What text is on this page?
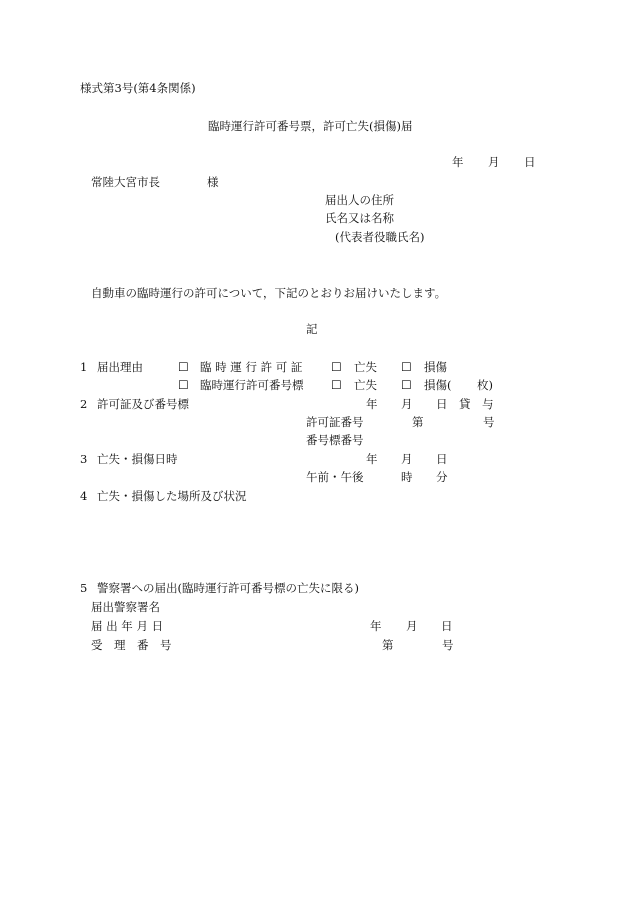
様式第3号(第4条関係)
臨時運行許可番号票，許可亡失(損傷)届
年 月 日
常陸大宮市長	様
届出人の住所
氏名又は名称
(代表者役職氏名)
自動車の臨時運行の許可について，下記のとおりお届けいたします。
記
1 届出理由	☐ 臨 時 運 行 許 可 証 ☐ 亡失 ☐ 損傷
☐ 臨時運行許可番号標 ☐ 亡失 ☐ 損傷( 枚)
2 許可証及び番号標	年 月 日 貸 与
許可証番号	第	号
番号標番号
3 亡失・損傷日時	年 月 日
午前・午後	時 分
4 亡失・損傷した場所及び状況
5 警察署への届出(臨時運行許可番号標の亡失に限る)
届出警察署名
届 出 年 月 日	年 月 日
受　理　番　号	第	号
